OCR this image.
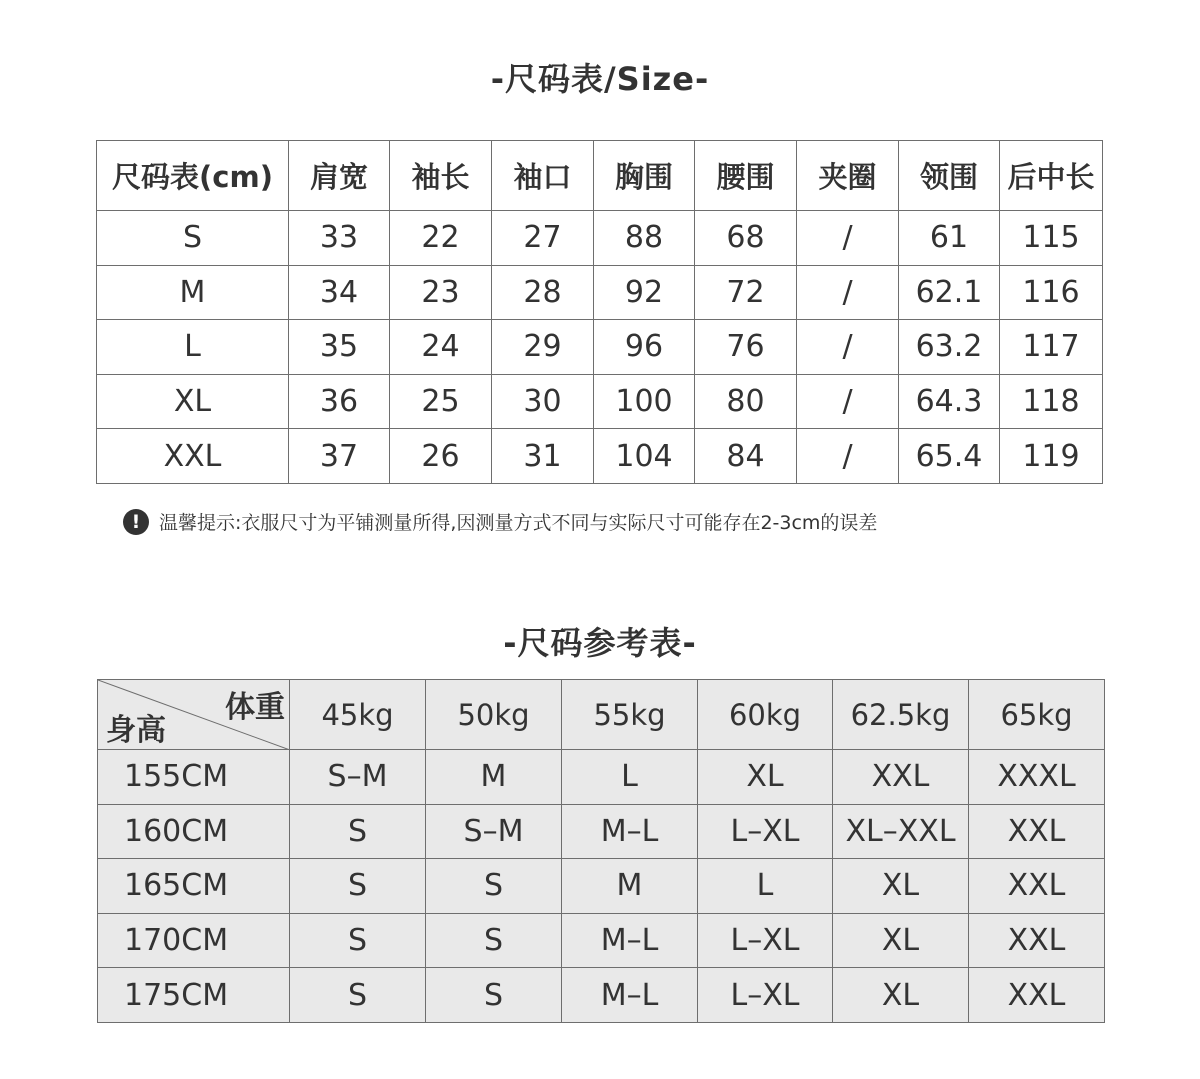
-尺码表/Size-
尺码表(cm)	肩宽	袖长	袖口	胸围	腰围	夹圈	领围	后中长
S	33	22	27	88	68	/	61	115
M	34	23	28	92	72	/	62.1	116
L	35	24	29	96	76	/	63.2	117
XL	36	25	30	100	80	/	64.3	118
XXL	37	26	31	104	84	/	65.4	119
! 温馨提示:衣服尺寸为平铺测量所得,因测量方式不同与实际尺寸可能存在2-3cm的误差
-尺码参考表-
体重
身高	45kg	50kg	55kg	60kg	62.5kg	65kg
155CM	S–M	M	L	XL	XXL	XXXL
160CM	S	S–M	M–L	L–XL	XL–XXL	XXL
165CM	S	S	M	L	XL	XXL
170CM	S	S	M–L	L–XL	XL	XXL
175CM	S	S	M–L	L–XL	XL	XXL
